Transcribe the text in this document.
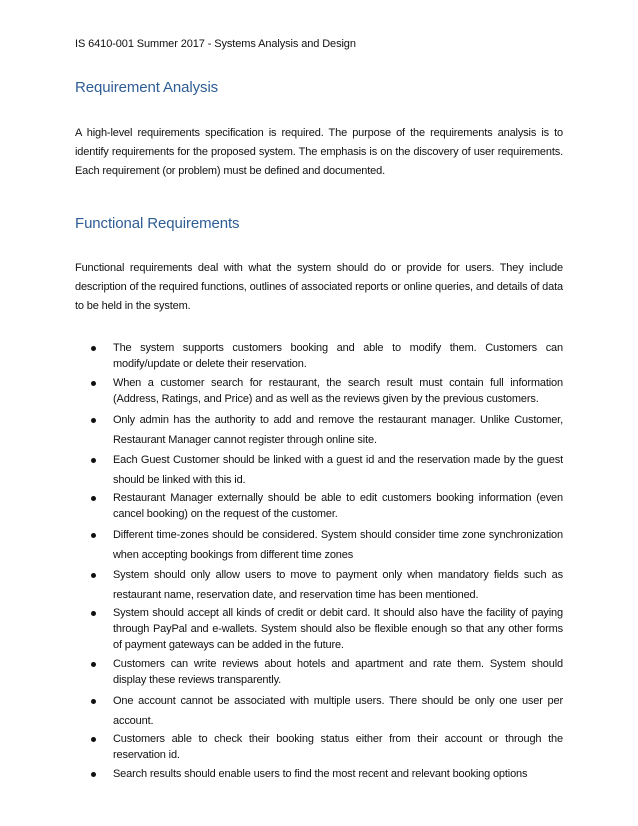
IS 6410-001 Summer 2017 - Systems Analysis and Design
Requirement Analysis
A high-level requirements specification is required. The purpose of the requirements analysis is to identify requirements for the proposed system. The emphasis is on the discovery of user requirements. Each requirement (or problem) must be defined and documented.
Functional Requirements
Functional requirements deal with what the system should do or provide for users. They include description of the required functions, outlines of associated reports or online queries, and details of data to be held in the system.
The system supports customers booking and able to modify them. Customers can modify/update or delete their reservation.
When a customer search for restaurant, the search result must contain full information (Address, Ratings, and Price) and as well as the reviews given by the previous customers.
Only admin has the authority to add and remove the restaurant manager. Unlike Customer, Restaurant Manager cannot register through online site.
Each Guest Customer should be linked with a guest id and the reservation made by the guest should be linked with this id.
Restaurant Manager externally should be able to edit customers booking information (even cancel booking) on the request of the customer.
Different time-zones should be considered. System should consider time zone synchronization when accepting bookings from different time zones
System should only allow users to move to payment only when mandatory fields such as restaurant name, reservation date, and reservation time has been mentioned.
System should accept all kinds of credit or debit card. It should also have the facility of paying through PayPal and e-wallets. System should also be flexible enough so that any other forms of payment gateways can be added in the future.
Customers can write reviews about hotels and apartment and rate them. System should display these reviews transparently.
One account cannot be associated with multiple users. There should be only one user per account.
Customers able to check their booking status either from their account or through the reservation id.
Search results should enable users to find the most recent and relevant booking options
